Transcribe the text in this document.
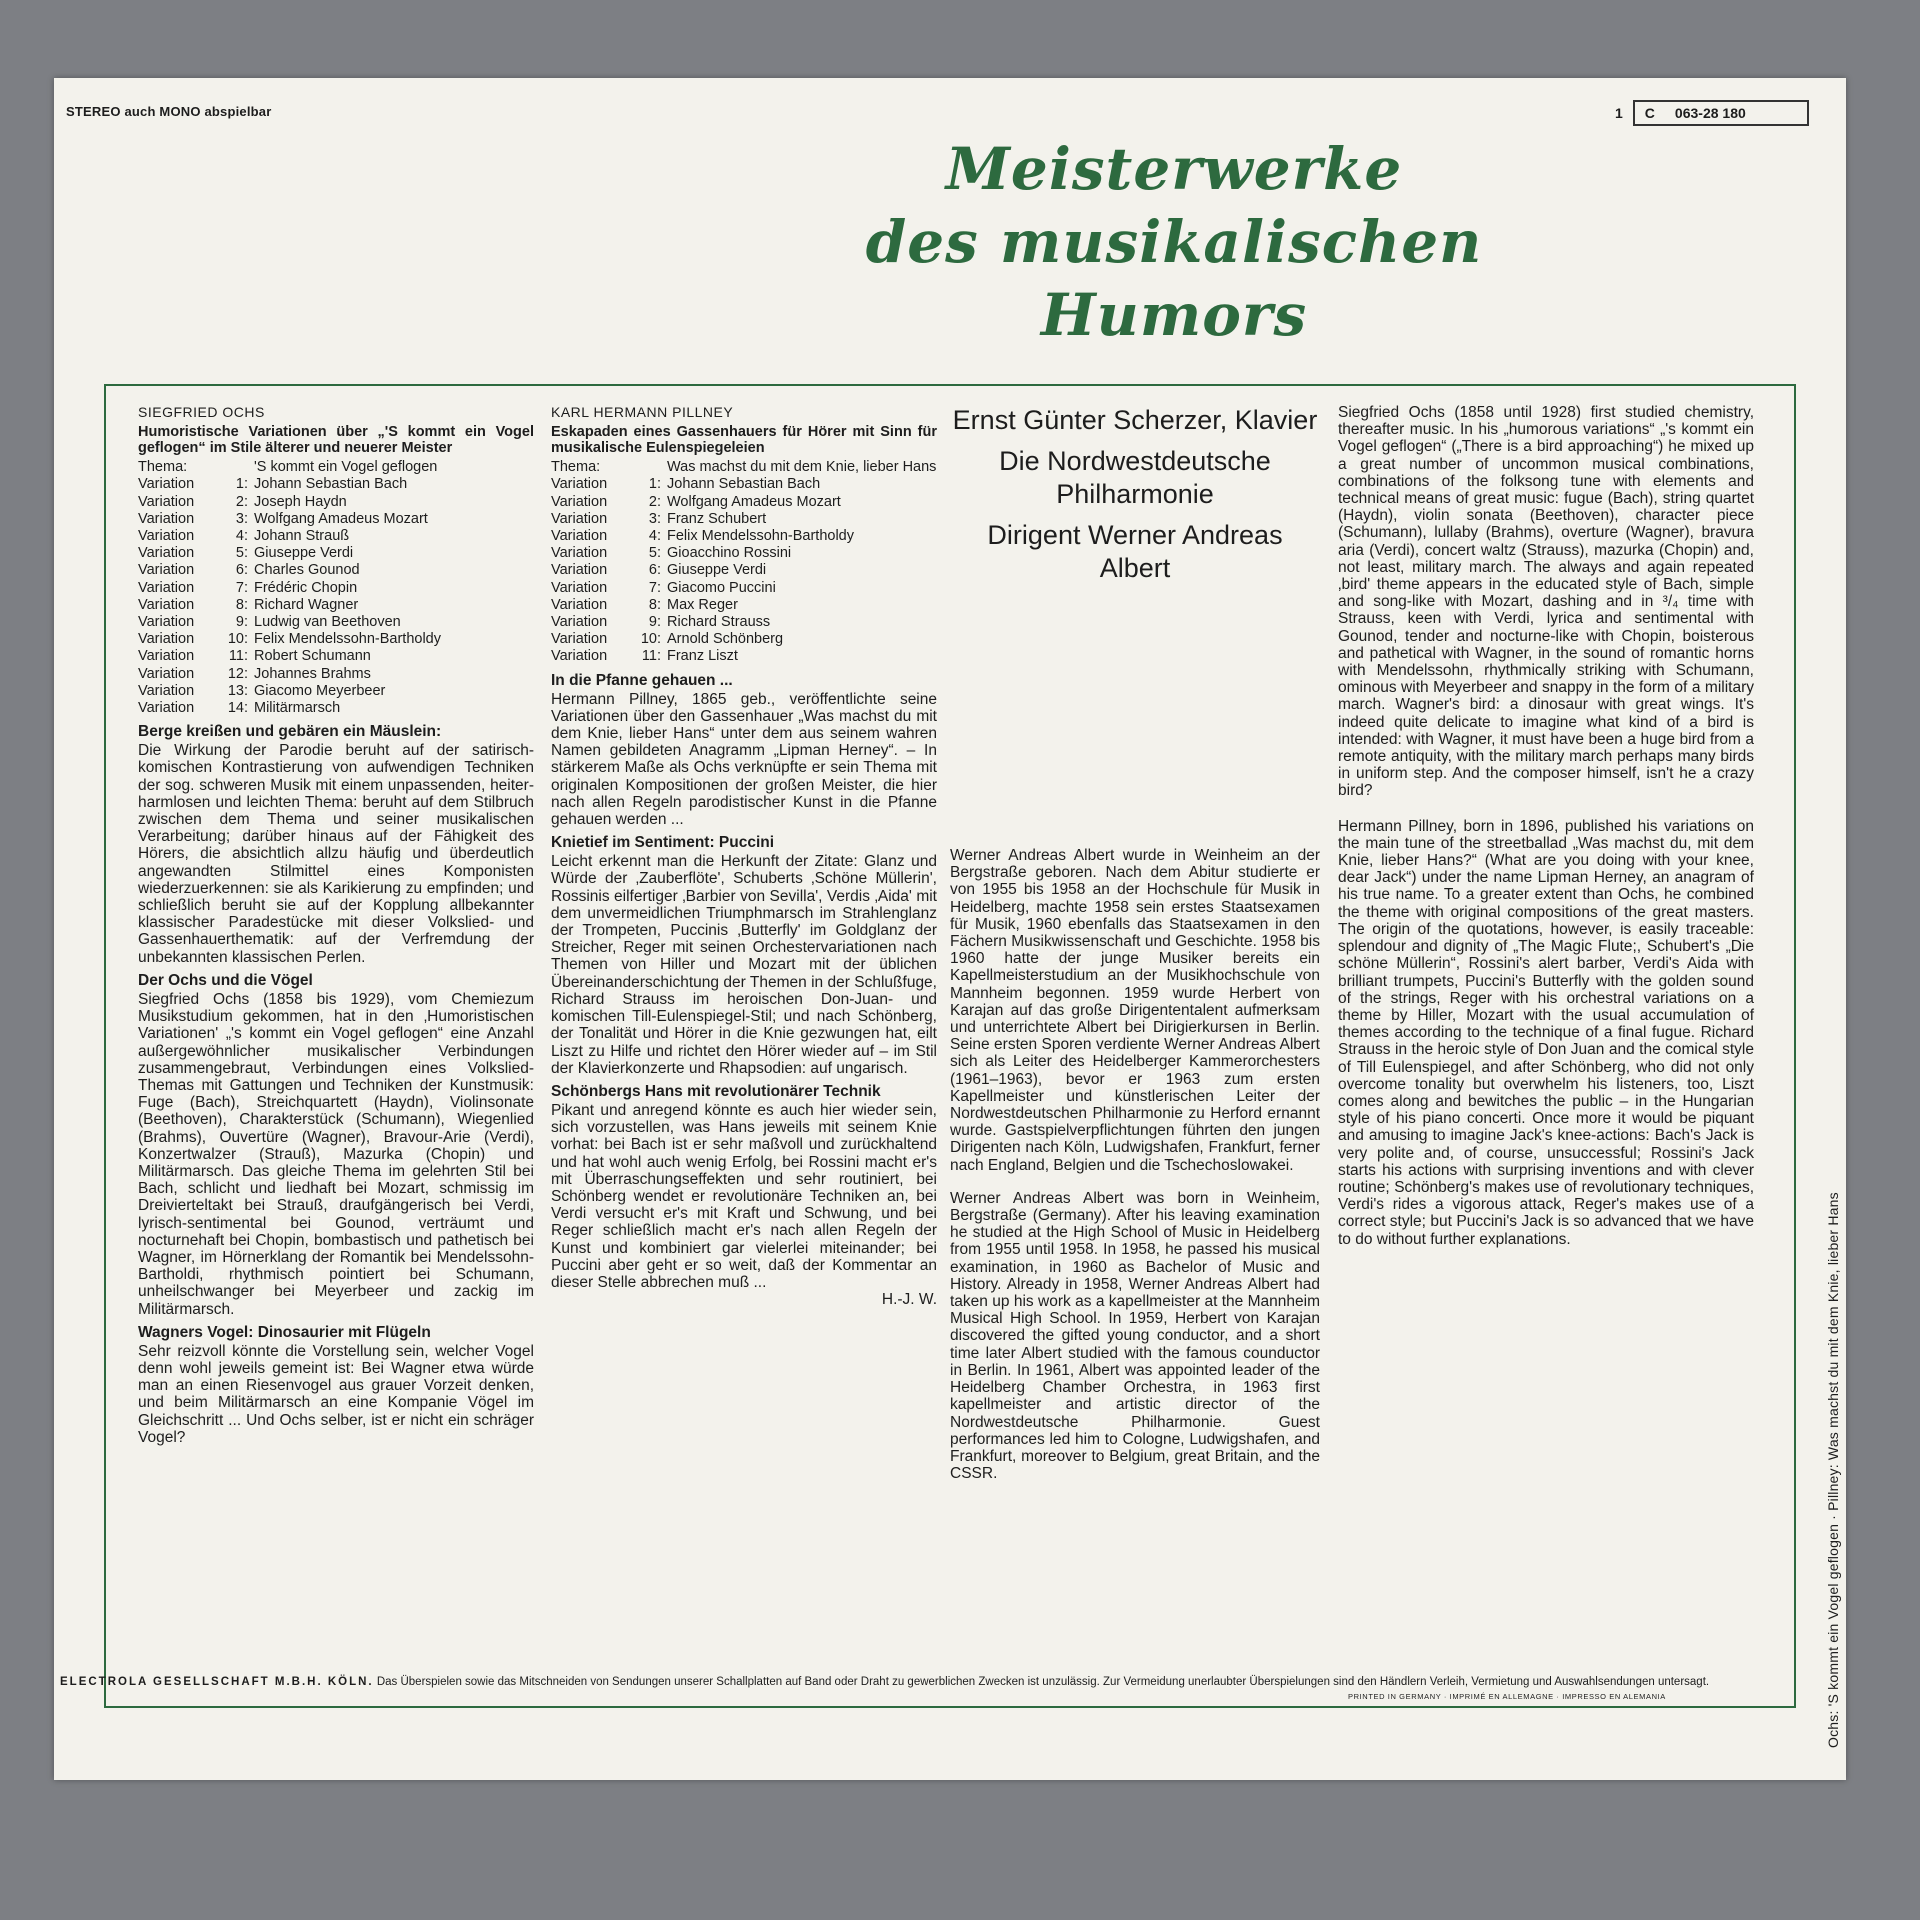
STEREO auch MONO abspielbar	1 C 063-28 180
Meisterwerke
des musikalischen
Humors
SIEGFRIED OCHS
Humoristische Variationen über „'S kommt ein Vogel geflogen“ im Stile älterer und neuerer Meister
Thema:	'S kommt ein Vogel geflogen
Variation	1: Johann Sebastian Bach
Variation	2: Joseph Haydn
Variation	3: Wolfgang Amadeus Mozart
Variation	4: Johann Strauß
Variation	5: Giuseppe Verdi
Variation	6: Charles Gounod
Variation	7: Frédéric Chopin
Variation	8: Richard Wagner
Variation	9: Ludwig van Beethoven
Variation	10: Felix Mendelssohn-Bartholdy
Variation	11: Robert Schumann
Variation	12: Johannes Brahms
Variation	13: Giacomo Meyerbeer
Variation	14: Militärmarsch
Berge kreißen und gebären ein Mäuslein:

Die Wirkung der Parodie beruht auf der satirisch-komischen Kontrastierung von aufwendigen Techniken der sog. schweren Musik mit einem unpassenden, heiter-harmlosen und leichten Thema: beruht auf dem Stilbruch zwischen dem Thema und seiner musikalischen Verarbeitung; darüber hinaus auf der Fähigkeit des Hörers, die absichtlich allzu häufig und überdeutlich angewandten Stilmittel eines Komponisten wiederzuerkennen: sie als Karikierung zu empfinden; und schließlich beruht sie auf der Kopplung allbekannter klassischer Paradestücke mit dieser Volkslied- und Gassenhauerthematik: auf der Verfremdung der unbekannten klassischen Perlen.

Der Ochs und die Vögel

Siegfried Ochs (1858 bis 1929), vom Chemiezum Musikstudium gekommen, hat in den ‚Humoristischen Variationen' „'s kommt ein Vogel geflogen“ eine Anzahl außergewöhnlicher musikalischer Verbindungen zusammengebraut, Verbindungen eines Volkslied-Themas mit Gattungen und Techniken der Kunstmusik: Fuge (Bach), Streichquartett (Haydn), Violinsonate (Beethoven), Charakterstück (Schumann), Wiegenlied (Brahms), Ouvertüre (Wagner), Bravour-Arie (Verdi), Konzertwalzer (Strauß), Mazurka (Chopin) und Militärmarsch. Das gleiche Thema im gelehrten Stil bei Bach, schlicht und liedhaft bei Mozart, schmissig im Dreivierteltakt bei Strauß, draufgängerisch bei Verdi, lyrisch-sentimental bei Gounod, verträumt und nocturnehaft bei Chopin, bombastisch und pathetisch bei Wagner, im Hörnerklang der Romantik bei Mendelssohn-Bartholdi, rhythmisch pointiert bei Schumann, unheilschwanger bei Meyerbeer und zackig im Militärmarsch.

Wagners Vogel: Dinosaurier mit Flügeln

Sehr reizvoll könnte die Vorstellung sein, welcher Vogel denn wohl jeweils gemeint ist: Bei Wagner etwa würde man an einen Riesenvogel aus grauer Vorzeit denken, und beim Militärmarsch an eine Kompanie Vögel im Gleichschritt ... Und Ochs selber, ist er nicht ein schräger Vogel?

KARL HERMANN PILLNEY
Eskapaden eines Gassenhauers für Hörer mit Sinn für musikalische Eulenspiegeleien
Thema:	Was machst du mit dem Knie, lieber Hans
Variation	1: Johann Sebastian Bach
Variation	2: Wolfgang Amadeus Mozart
Variation	3: Franz Schubert
Variation	4: Felix Mendelssohn-Bartholdy
Variation	5: Gioacchino Rossini
Variation	6: Giuseppe Verdi
Variation	7: Giacomo Puccini
Variation	8: Max Reger
Variation	9: Richard Strauss
Variation	10: Arnold Schönberg
Variation	11: Franz Liszt
In die Pfanne gehauen ...

Hermann Pillney, 1865 geb., veröffentlichte seine Variationen über den Gassenhauer „Was machst du mit dem Knie, lieber Hans“ unter dem aus seinem wahren Namen gebildeten Anagramm „Lipman Herney“. – In stärkerem Maße als Ochs verknüpfte er sein Thema mit originalen Kompositionen der großen Meister, die hier nach allen Regeln parodistischer Kunst in die Pfanne gehauen werden ...

Knietief im Sentiment: Puccini

Leicht erkennt man die Herkunft der Zitate: Glanz und Würde der ‚Zauberflöte', Schuberts ‚Schöne Müllerin', Rossinis eilfertiger ‚Barbier von Sevilla', Verdis ‚Aida' mit dem unvermeidlichen Triumphmarsch im Strahlenglanz der Trompeten, Puccinis ‚Butterfly' im Goldglanz der Streicher, Reger mit seinen Orchestervariationen nach Themen von Hiller und Mozart mit der üblichen Übereinanderschichtung der Themen in der Schlußfuge, Richard Strauss im heroischen Don-Juan- und komischen Till-Eulenspiegel-Stil; und nach Schönberg, der Tonalität und Hörer in die Knie gezwungen hat, eilt Liszt zu Hilfe und richtet den Hörer wieder auf – im Stil der Klavierkonzerte und Rhapsodien: auf ungarisch.

Schönbergs Hans mit revolutionärer Technik

Pikant und anregend könnte es auch hier wieder sein, sich vorzustellen, was Hans jeweils mit seinem Knie vorhat: bei Bach ist er sehr maßvoll und zurückhaltend und hat wohl auch wenig Erfolg, bei Rossini macht er's mit Überraschungseffekten und sehr routiniert, bei Schönberg wendet er revolutionäre Techniken an, bei Verdi versucht er's mit Kraft und Schwung, und bei Reger schließlich macht er's nach allen Regeln der Kunst und kombiniert gar vielerlei miteinander; bei Puccini aber geht er so weit, daß der Kommentar an dieser Stelle abbrechen muß ...

H.-J. W.
Ernst Günter Scherzer, Klavier
Die Nordwestdeutsche Philharmonie
Dirigent Werner Andreas Albert

Werner Andreas Albert wurde in Weinheim an der Bergstraße geboren. Nach dem Abitur studierte er von 1955 bis 1958 an der Hochschule für Musik in Heidelberg, machte 1958 sein erstes Staatsexamen für Musik, 1960 ebenfalls das Staatsexamen in den Fächern Musikwissenschaft und Geschichte. 1958 bis 1960 hatte der junge Musiker bereits ein Kapellmeisterstudium an der Musikhochschule von Mannheim begonnen. 1959 wurde Herbert von Karajan auf das große Dirigententalent aufmerksam und unterrichtete Albert bei Dirigierkursen in Berlin. Seine ersten Sporen verdiente Werner Andreas Albert sich als Leiter des Heidelberger Kammerorchesters (1961–1963), bevor er 1963 zum ersten Kapellmeister und künstlerischen Leiter der Nordwestdeutschen Philharmonie zu Herford ernannt wurde. Gastspielverpflichtungen führten den jungen Dirigenten nach Köln, Ludwigshafen, Frankfurt, ferner nach England, Belgien und die Tschechoslowakei.

Werner Andreas Albert was born in Weinheim, Bergstraße (Germany). After his leaving examination he studied at the High School of Music in Heidelberg from 1955 until 1958. In 1958, he passed his musical examination, in 1960 as Bachelor of Music and History. Already in 1958, Werner Andreas Albert had taken up his work as a kapellmeister at the Mannheim Musical High School. In 1959, Herbert von Karajan discovered the gifted young conductor, and a short time later Albert studied with the famous counductor in Berlin. In 1961, Albert was appointed leader of the Heidelberg Chamber Orchestra, in 1963 first kapellmeister and artistic director of the Nordwestdeutsche Philharmonie. Guest performances led him to Cologne, Ludwigshafen, and Frankfurt, moreover to Belgium, great Britain, and the CSSR.

Siegfried Ochs (1858 until 1928) first studied chemistry, thereafter music. In his „humorous variations“ „'s kommt ein Vogel geflogen“ („There is a bird approaching“) he mixed up a great number of uncommon musical combinations, combinations of the folksong tune with elements and technical means of great music: fugue (Bach), string quartet (Haydn), violin sonata (Beethoven), character piece (Schumann), lullaby (Brahms), overture (Wagner), bravura aria (Verdi), concert waltz (Strauss), mazurka (Chopin) and, not least, military march. The always and again repeated ‚bird' theme appears in the educated style of Bach, simple and song-like with Mozart, dashing and in ³/₄ time with Strauss, keen with Verdi, lyrica and sentimental with Gounod, tender and nocturne-like with Chopin, boisterous and pathetical with Wagner, in the sound of romantic horns with Mendelssohn, rhythmically striking with Schumann, ominous with Meyerbeer and snappy in the form of a military march. Wagner's bird: a dinosaur with great wings. It's indeed quite delicate to imagine what kind of a bird is intended: with Wagner, it must have been a huge bird from a remote antiquity, with the military march perhaps many birds in uniform step. And the composer himself, isn't he a crazy bird?

Hermann Pillney, born in 1896, published his variations on the main tune of the streetballad „Was machst du, mit dem Knie, lieber Hans?“ (What are you doing with your knee, dear Jack“) under the name Lipman Herney, an anagram of his true name. To a greater extent than Ochs, he combined the theme with original compositions of the great masters. The origin of the quotations, however, is easily traceable: splendour and dignity of „The Magic Flute;, Schubert's „Die schöne Müllerin“, Rossini's alert barber, Verdi's Aida with brilliant trumpets, Puccini's Butterfly with the golden sound of the strings, Reger with his orchestral variations on a theme by Hiller, Mozart with the usual accumulation of themes according to the technique of a final fugue. Richard Strauss in the heroic style of Don Juan and the comical style of Till Eulenspiegel, and after Schönberg, who did not only overcome tonality but overwhelm his listeners, too, Liszt comes along and bewitches the public – in the Hungarian style of his piano concerti. Once more it would be piquant and amusing to imagine Jack's knee-actions: Bach's Jack is very polite and, of course, unsuccessful; Rossini's Jack starts his actions with surprising inventions and with clever routine; Schönberg's makes use of revolutionary techniques, Verdi's rides a vigorous attack, Reger's makes use of a correct style; but Puccini's Jack is so advanced that we have to do without further explanations.	Ochs: 'S kommt ein Vogel geflogen · Pillney: Was machst du mit dem Knie, lieber Hans
ELECTROLA GESELLSCHAFT M.B.H. KÖLN. Das Überspielen sowie das Mitschneiden von Sendungen unserer Schallplatten auf Band oder Draht zu gewerblichen Zwecken ist unzulässig. Zur Vermeidung unerlaubter Überspielungen sind den Händlern Verleih, Vermietung und Auswahlsendungen untersagt.
PRINTED IN GERMANY · IMPRIMÉ EN ALLEMAGNE · IMPRESSO EN ALEMANIA
